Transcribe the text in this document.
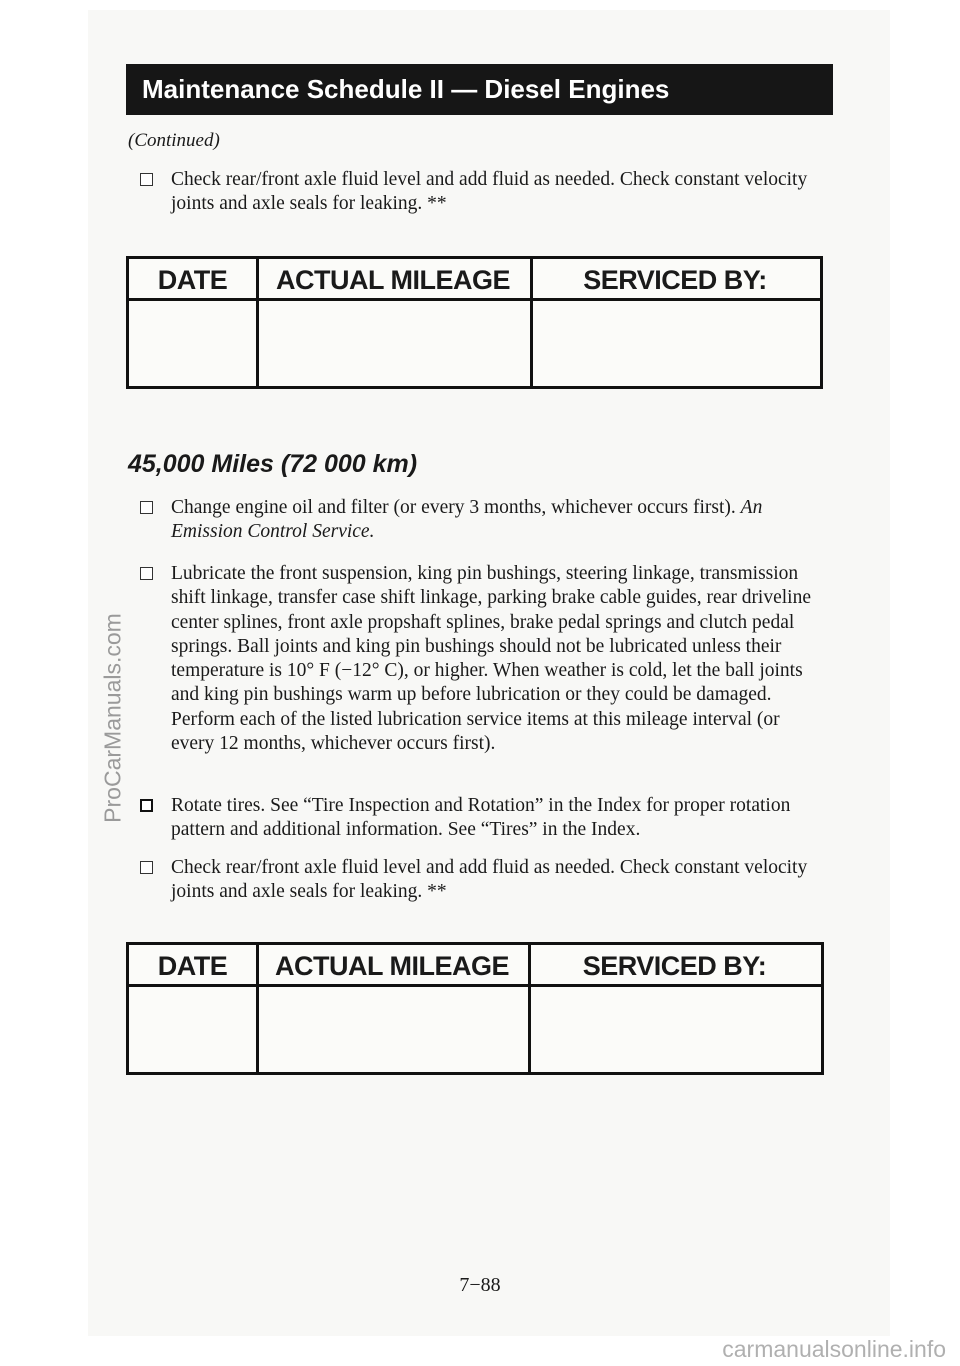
Maintenance Schedule II — Diesel Engines
(Continued)
Check rear/front axle fluid level and add fluid as needed. Check constant velocity joints and axle seals for leaking. **
DATE	ACTUAL MILEAGE	SERVICED BY:
45,000 Miles (72 000 km)
Change engine oil and filter (or every 3 months, whichever occurs first). An Emission Control Service.
Lubricate the front suspension, king pin bushings, steering linkage, transmission shift linkage, transfer case shift linkage, parking brake cable guides, rear driveline center splines, front axle propshaft splines, brake pedal springs and clutch pedal springs. Ball joints and king pin bushings should not be lubricated unless their temperature is 10° F (−12° C), or higher. When weather is cold, let the ball joints and king pin bushings warm up before lubrication or they could be damaged. Perform each of the listed lubrication service items at this mileage interval (or every 12 months, whichever occurs first).
Rotate tires. See “Tire Inspection and Rotation” in the Index for proper rotation pattern and additional information. See “Tires” in the Index.
Check rear/front axle fluid level and add fluid as needed. Check constant velocity joints and axle seals for leaking. **
DATE	ACTUAL MILEAGE	SERVICED BY:
7−88
ProCarManuals.com
carmanualsonline.info
